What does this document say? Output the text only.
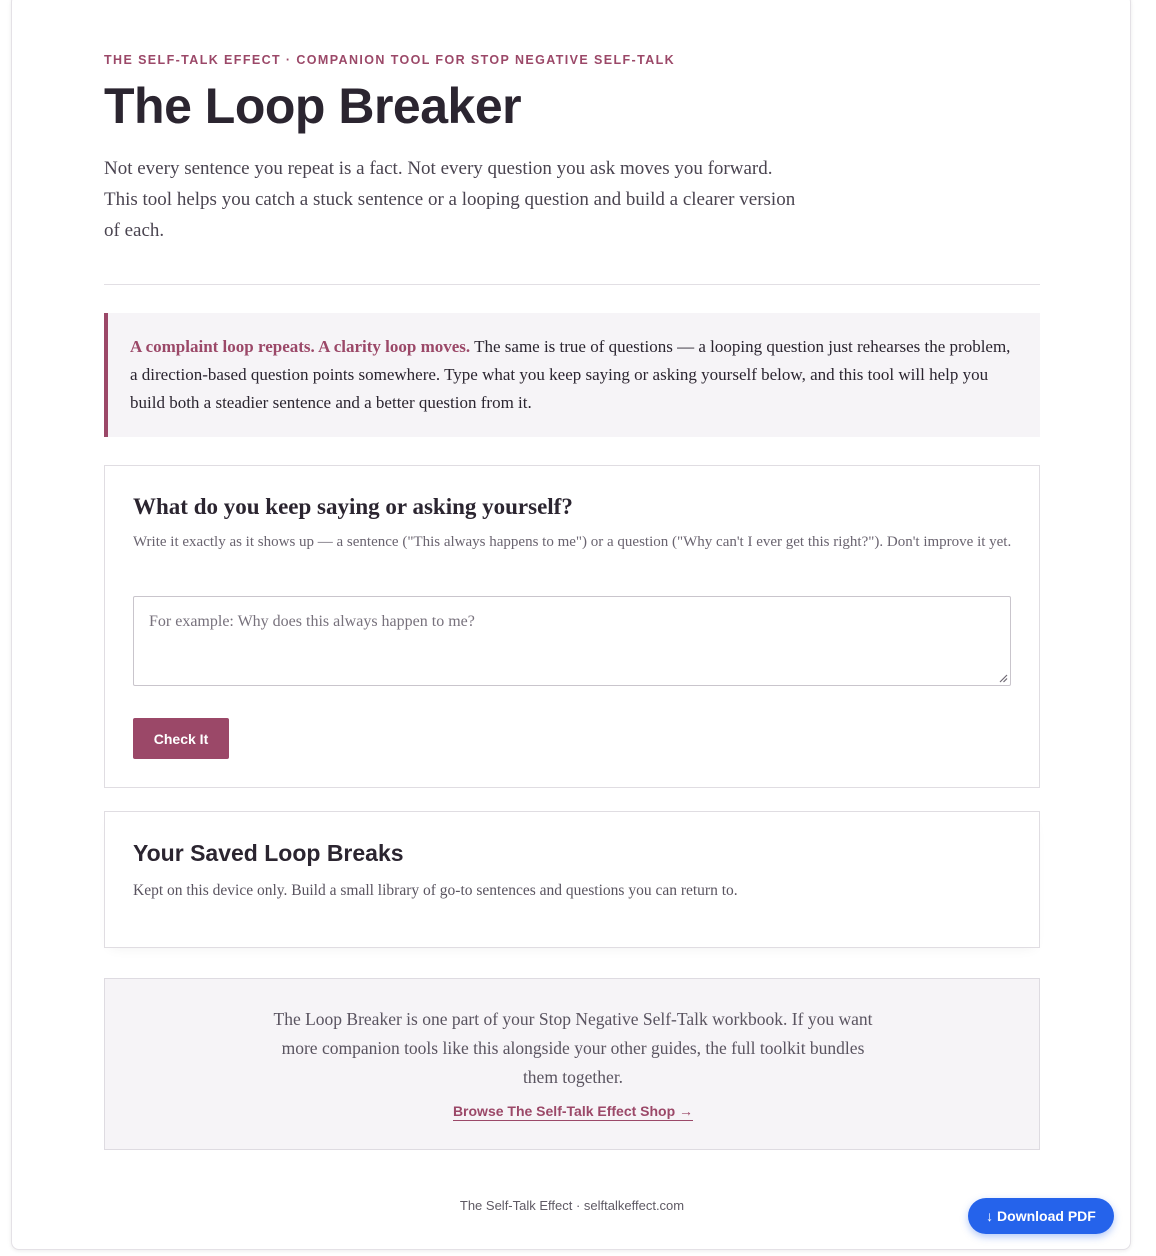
THE SELF-TALK EFFECT · COMPANION TOOL FOR STOP NEGATIVE SELF-TALK
The Loop Breaker

Not every sentence you repeat is a fact. Not every question you ask moves you forward. This tool helps you catch a stuck sentence or a looping question and build a clearer version of each.

A complaint loop repeats. A clarity loop moves. The same is true of questions — a looping question just rehearses the problem, a direction-based question points somewhere. Type what you keep saying or asking yourself below, and this tool will help you build both a steadier sentence and a better question from it.
What do you keep saying or asking yourself?

Write it exactly as it shows up — a sentence ("This always happens to me") or a question ("Why can't I ever get this right?"). Don't improve it yet.

For example: Why does this always happen to me?
Check It
Your Saved Loop Breaks

Kept on this device only. Build a small library of go-to sentences and questions you can return to.

The Loop Breaker is one part of your Stop Negative Self-Talk workbook. If you want more companion tools like this alongside your other guides, the full toolkit bundles them together.

Browse The Self-Talk Effect Shop →
The Self-Talk Effect · selftalkeffect.com
↓ Download PDF
